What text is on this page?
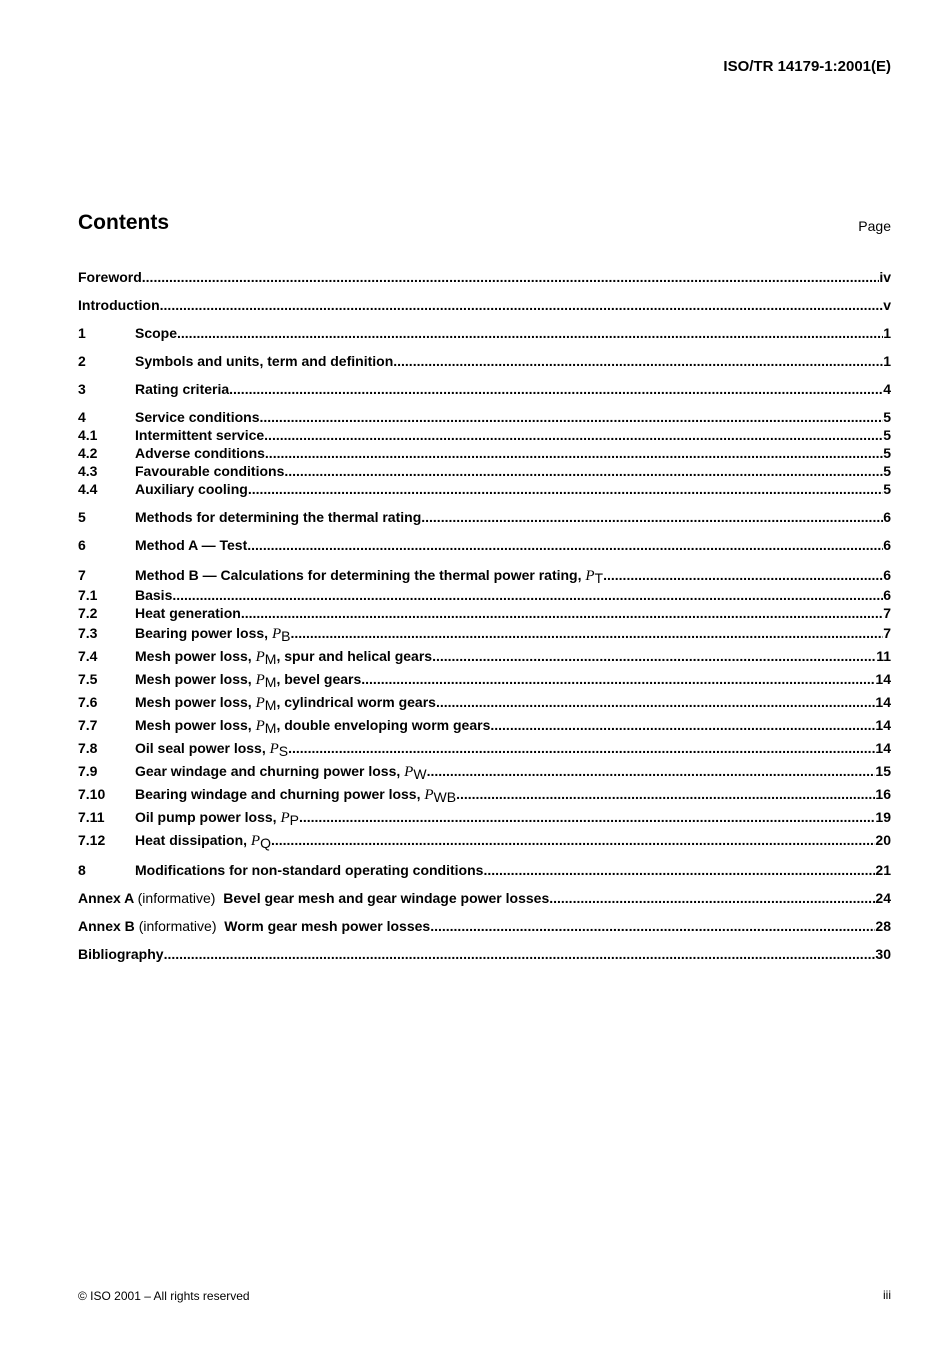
ISO/TR 14179-1:2001(E)
Contents	Page
Foreword .....	iv
Introduction .....	v
1	Scope .....	1
2	Symbols and units, term and definition .....	1
3	Rating criteria .....	4
4	Service conditions .....	5
4.1	Intermittent service .....	5
4.2	Adverse conditions .....	5
4.3	Favourable conditions .....	5
4.4	Auxiliary cooling .....	5
5	Methods for determining the thermal rating .....	6
6	Method A — Test .....	6
7	Method B — Calculations for determining the thermal power rating, PT .....	6
7.1	Basis .....	6
7.2	Heat generation .....	7
7.3	Bearing power loss, PB .....	7
7.4	Mesh power loss, PM, spur and helical gears .....	11
7.5	Mesh power loss, PM, bevel gears .....	14
7.6	Mesh power loss, PM, cylindrical worm gears .....	14
7.7	Mesh power loss, PM, double enveloping worm gears .....	14
7.8	Oil seal power loss, PS .....	14
7.9	Gear windage and churning power loss, PW .....	15
7.10	Bearing windage and churning power loss, PWB .....	16
7.11	Oil pump power loss, PP .....	19
7.12	Heat dissipation, PQ .....	20
8	Modifications for non-standard operating conditions .....	21
Annex A (informative) Bevel gear mesh and gear windage power losses .....	24
Annex B (informative) Worm gear mesh power losses .....	28
Bibliography .....	30
© ISO 2001 – All rights reserved	iii
